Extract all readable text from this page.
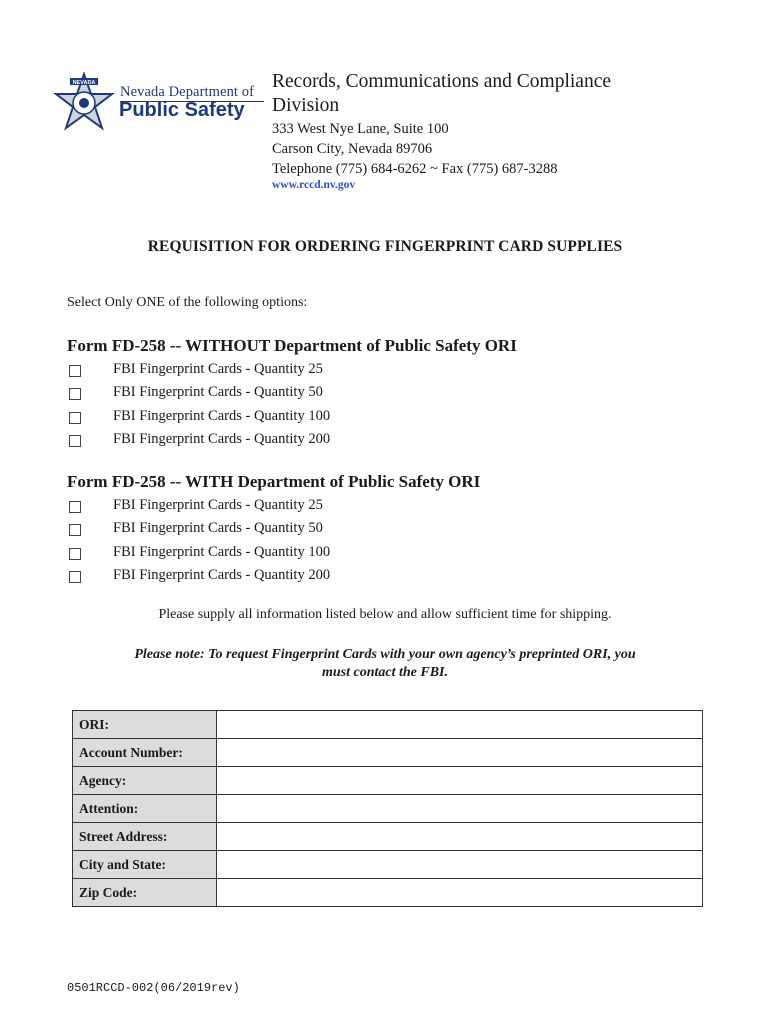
NEVADA
Nevada Department of
Public Safety
Records, Communications and Compliance Division
333 West Nye Lane, Suite 100
Carson City, Nevada 89706
Telephone (775) 684-6262 ~ Fax (775) 687-3288
www.rccd.nv.gov
REQUISITION FOR ORDERING FINGERPRINT CARD SUPPLIES
Select Only ONE of the following options:
Form FD-258 -- WITHOUT Department of Public Safety ORI
FBI Fingerprint Cards - Quantity 25
FBI Fingerprint Cards - Quantity 50
FBI Fingerprint Cards - Quantity 100
FBI Fingerprint Cards - Quantity 200
Form FD-258 -- WITH Department of Public Safety ORI
FBI Fingerprint Cards - Quantity 25
FBI Fingerprint Cards - Quantity 50
FBI Fingerprint Cards - Quantity 100
FBI Fingerprint Cards - Quantity 200
Please supply all information listed below and allow sufficient time for shipping.
Please note: To request Fingerprint Cards with your own agency’s preprinted ORI, you
must contact the FBI.
ORI:	
Account Number:	
Agency:	
Attention:	
Street Address:	
City and State:	
Zip Code:	
0501RCCD-002(06/2019rev)
